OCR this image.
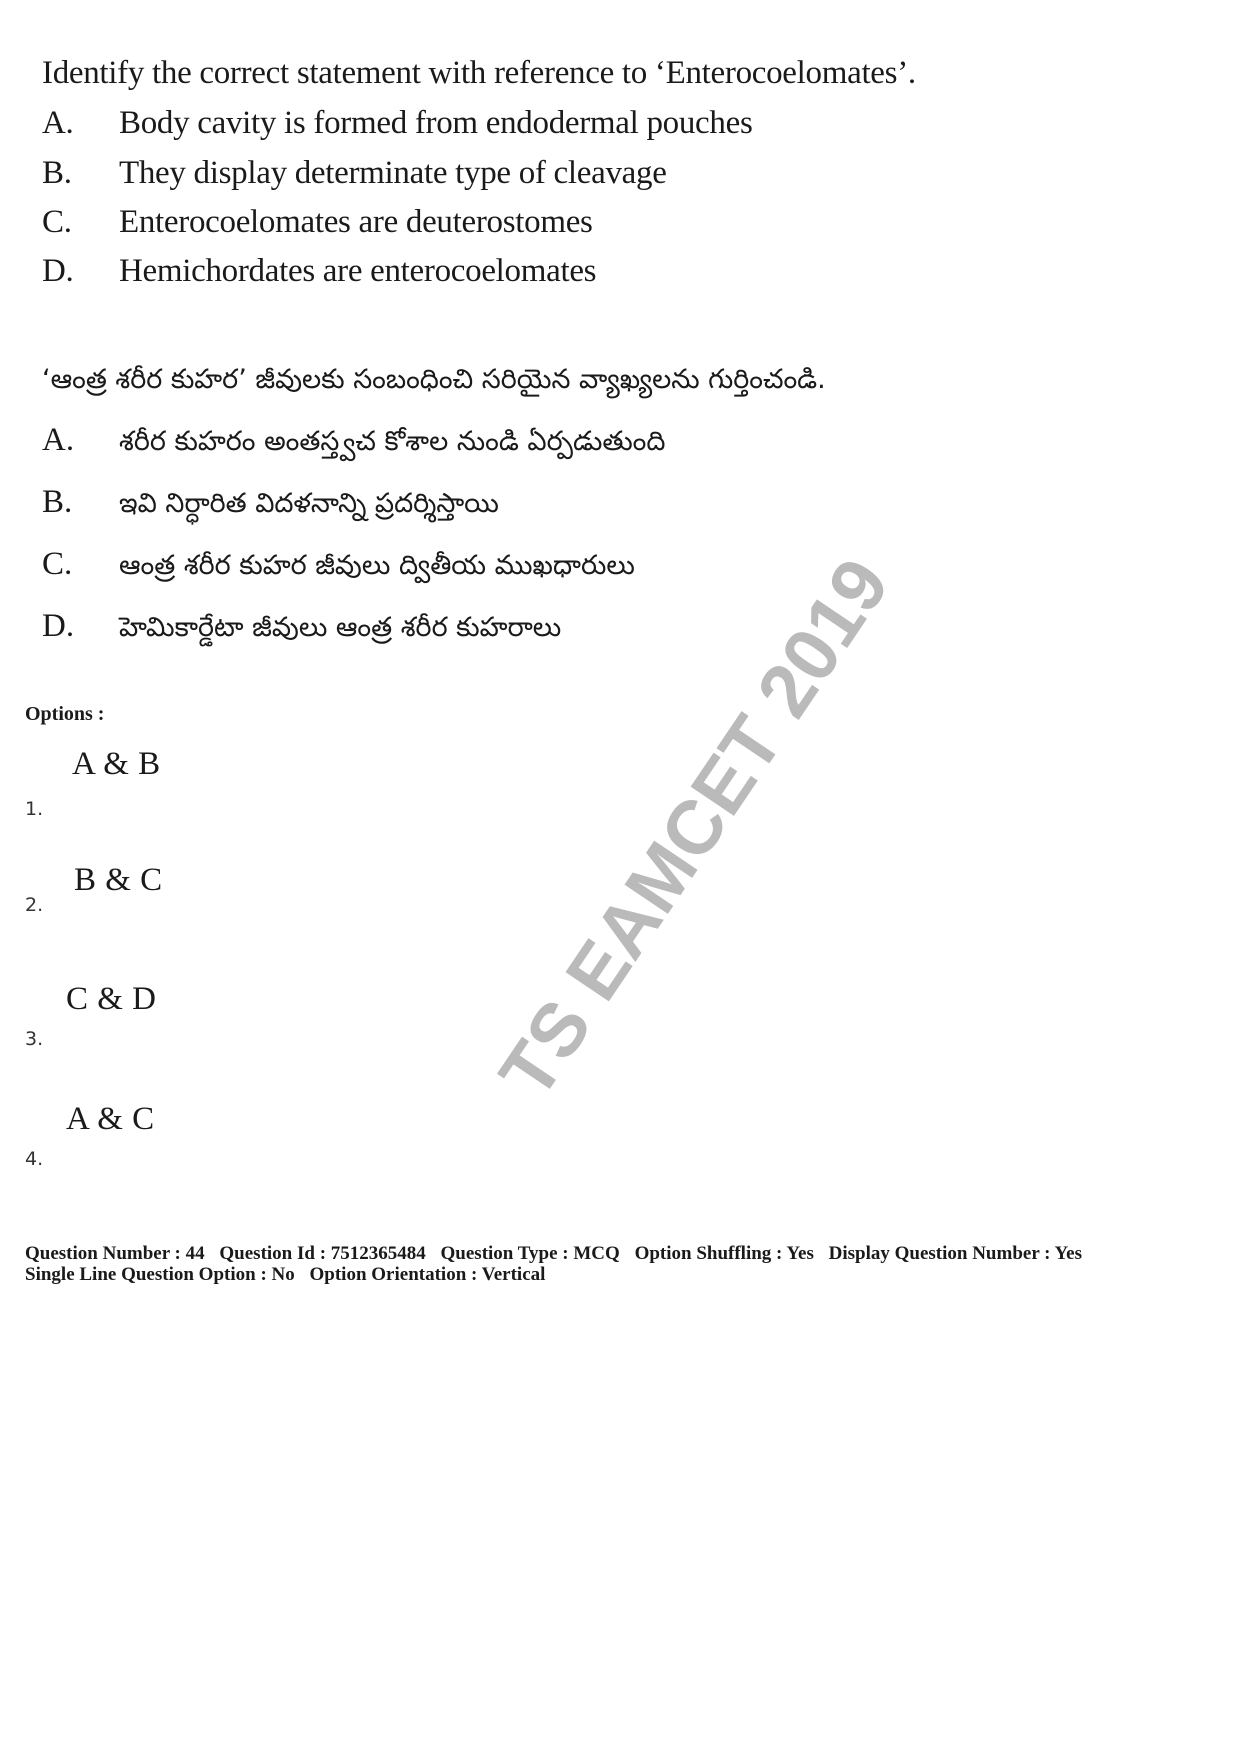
Identify the correct statement with reference to ‘Enterocoelomates’.
A. Body cavity is formed from endodermal pouches
B. They display determinate type of cleavage
C. Enterocoelomates are deuterostomes
D. Hemichordates are enterocoelomates
‘ఆంత్ర శరీర కుహర’ జీవులకు సంబంధించి సరియైన వ్యాఖ్యలను గుర్తించండి.
A. శరీర కుహరం అంతస్త్వచ కోశాల నుండి ఏర్పడుతుంది
B. ఇవి నిర్ధారిత విదళనాన్ని ప్రదర్శిస్తాయి
C. ఆంత్ర శరీర కుహర జీవులు ద్వితీయ ముఖధారులు
D. హెమికార్డేటా జీవులు ఆంత్ర శరీర కుహరాలు
Options :
A & B
1.
B & C
2.
C & D
3.
A & C
4.
Question Number : 44 Question Id : 7512365484 Question Type : MCQ Option Shuffling : Yes Display Question Number : Yes
Single Line Question Option : No Option Orientation : Vertical
TS EAMCET 2019
